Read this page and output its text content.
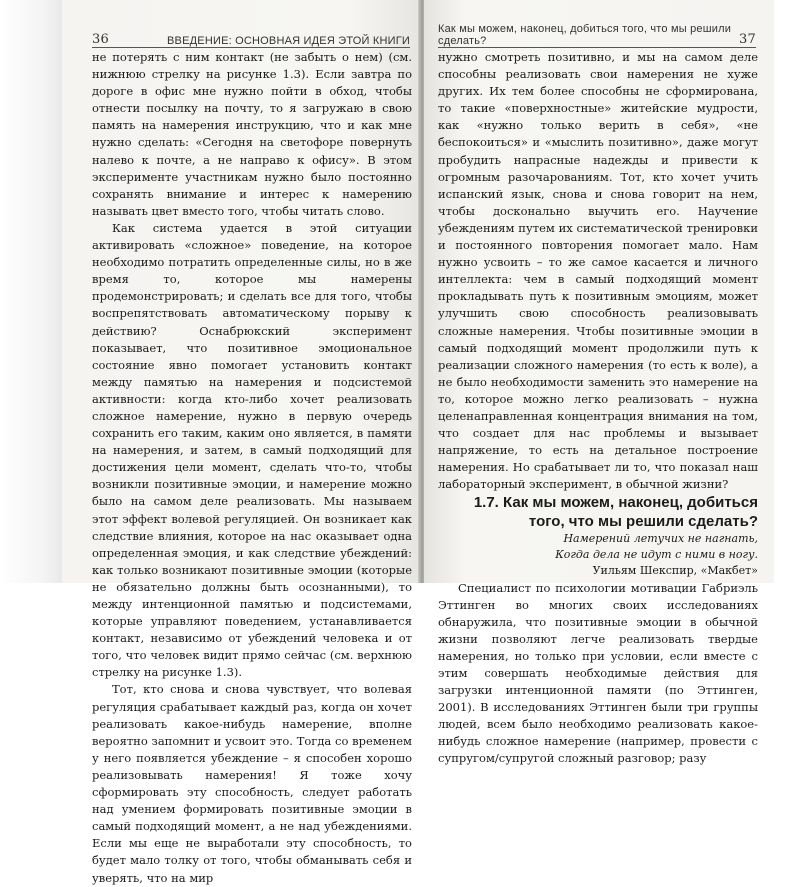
36	ВВЕДЕНИЕ: ОСНОВНАЯ ИДЕЯ ЭТОЙ КНИГИ

не потерять с ним контакт (не забыть о нем) (см. нижнюю стрелку на рисунке 1.3). Если завтра по дороге в офис мне нужно пойти в обход, чтобы отнести посылку на почту, то я загружаю в свою память на намерения инструкцию, что и как мне нужно сделать: «Сегодня на светофоре повернуть налево к почте, а не направо к офису». В этом эксперименте участникам нужно было постоянно сохранять внимание и интерес к намерению называть цвет вместо того, чтобы читать слово.

Как система удается в этой ситуации активировать «сложное» поведение, на которое необходимо потратить определенные силы, но в же время то, которое мы намерены продемонстрировать; и сделать все для того, чтобы воспрепятствовать автоматическому порыву к действию? Оснабрюкский эксперимент показывает, что позитивное эмоциональное состояние явно помогает установить контакт между памятью на намерения и подсистемой активности: когда кто-либо хочет реализовать сложное намерение, нужно в первую очередь сохранить его таким, каким оно является, в памяти на намерения, и затем, в самый подходящий для достижения цели момент, сделать что-то, чтобы возникли позитивные эмоции, и намерение можно было на самом деле реализовать. Мы называем этот эффект волевой регуляцией. Он возникает как следствие влияния, которое на нас оказывает одна определенная эмоция, и как следствие убеждений: как только возникают позитивные эмоции (которые не обязательно должны быть осознанными), то между интенционной памятью и подсистемами, которые управляют поведением, устанавливается контакт, независимо от убеждений человека и от того, что человек видит прямо сейчас (см. верхнюю стрелку на рисунке 1.3).

Тот, кто снова и снова чувствует, что волевая регуляция срабатывает каждый раз, когда он хочет реализовать какое-нибудь намерение, вполне вероятно запомнит и усвоит это. Тогда со временем у него появляется убеждение – я способен хорошо реализовывать намерения! Я тоже хочу сформировать эту способность, следует работать над умением формировать позитивные эмоции в самый подходящий момент, а не над убеждениями. Если мы еще не выработали эту способность, то будет мало толку от того, чтобы обманывать себя и уверять, что на мир

Как мы можем, наконец, добиться того, что мы решили сделать?	37

нужно смотреть позитивно, и мы на самом деле способны реализовать свои намерения не хуже других. Их тем более способны не сформирована, то такие «поверхностные» житейские мудрости, как «нужно только верить в себя», «не беспокоиться» и «мыслить позитивно», даже могут пробудить напрасные надежды и привести к огромным разочарованиям. Тот, кто хочет учить испанский язык, снова и снова говорит на нем, чтобы досконально выучить его. Научение убеждениям путем их систематической тренировки и постоянного повторения помогает мало. Нам нужно усвоить – то же самое касается и личного интеллекта: чем в самый подходящий момент прокладывать путь к позитивным эмоциям, может улучшить свою способность реализовывать сложные намерения. Чтобы позитивные эмоции в самый подходящий момент продолжили путь к реализации сложного намерения (то есть к воле), а не было необходимости заменить это намерение на то, которое можно легко реализовать – нужна целенаправленная концентрация внимания на том, что создает для нас проблемы и вызывает напряжение, то есть на детальное построение намерения. Но срабатывает ли то, что показал наш лабораторный эксперимент, в обычной жизни?

1.7. Как мы можем, наконец, добиться того, что мы решили сделать?

Намерений летучих не нагнать,

Когда дела не идут с ними в ногу.

Уильям Шекспир, «Макбет»

Специалист по психологии мотивации Габриэль Эттинген во многих своих исследованиях обнаружила, что позитивные эмоции в обычной жизни позволяют легче реализовать твердые намерения, но только при условии, если вместе с этим совершать необходимые действия для загрузки интенционной памяти (по Эттинген, 2001). В исследованиях Эттинген были три группы людей, всем было необходимо реализовать какое-нибудь сложное намерение (например, провести с супругом/супругой сложный разговор; разу
